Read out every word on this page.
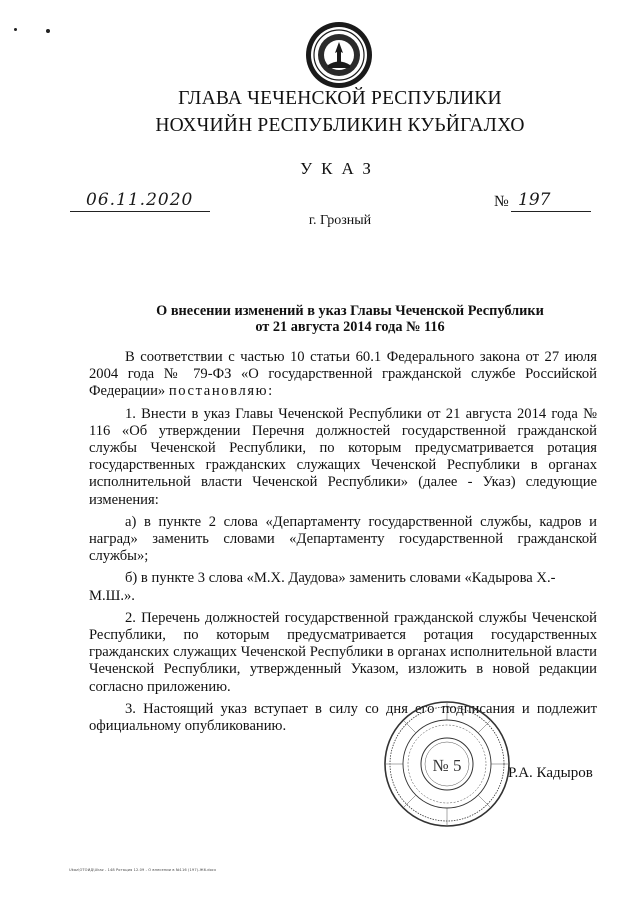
ГЛАВА ЧЕЧЕНСКОЙ РЕСПУБЛИКИ
НОХЧИЙН РЕСПУБЛИКИН КУЬЙГАЛХО
УКАЗ
06.11.2020	№ 197
г. Грозный
О внесении изменений в указ Главы Чеченской Республики
от 21 августа 2014 года № 116

В соответствии с частью 10 статьи 60.1 Федерального закона от 27 июля 2004 года № 79-ФЗ «О государственной гражданской службе Российской Федерации» постановляю:

1. Внести в указ Главы Чеченской Республики от 21 августа 2014 года № 116 «Об утверждении Перечня должностей государственной гражданской службы Чеченской Республики, по которым предусматривается ротация государственных гражданских служащих Чеченской Республики в органах исполнительной власти Чеченской Республики» (далее - Указ) следующие изменения:

а) в пункте 2 слова «Департаменту государственной службы, кадров и наград» заменить словами «Департаменту государственной гражданской службы»;

б) в пункте 3 слова «М.Х. Даудова» заменить словами «Кадырова Х.-М.Ш.».

2. Перечень должностей государственной гражданской службы Чеченской Республики, по которым предусматривается ротация государственных гражданских служащих Чеченской Республики в органах исполнительной власти Чеченской Республики, утвержденный Указом, изложить в новой редакции согласно приложению.

3. Настоящий указ вступает в силу со дня его подписания и подлежит официальному опубликованию.

№ 5	Р.А. Кадыров
Ukaz\ОТОИД\Ukaz - 148 Ротация 12.09 - О внесении в №116 (197)-Ж6.docx
